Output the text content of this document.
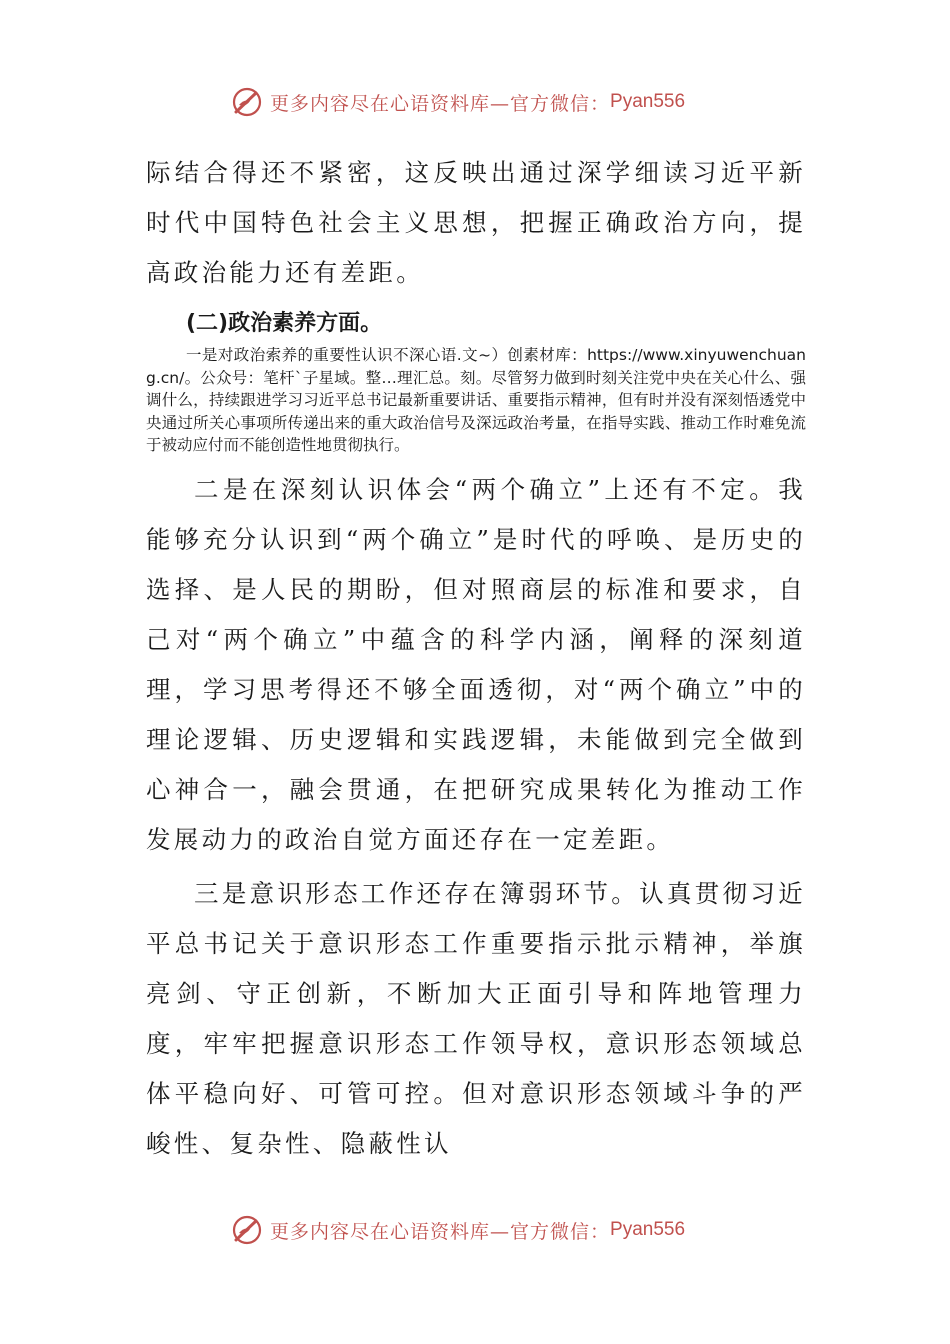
更多内容尽在心语资料库—官方微信： Pyan556

际结合得还不紧密，这反映出通过深学细读习近平新时代中国特色社会主义思想，把握正确政治方向，提高政治能力还有差距。

(二)政治素养方面。

一是对政治索养的重要性认识不深心语.文~）创素材库：https://www.xinyuwenchuang.cn/。公众号：笔杆`子星域。整…理汇总。刻。尽管努力做到时刻关注党中央在关心什么、强调什么，持续跟进学习习近平总书记最新重要讲话、重要指示精神，但有时并没有深刻悟透党中央通过所关心事项所传递出来的重大政治信号及深远政治考量，在指导实践、推动工作时难免流于被动应付而不能创造性地贯彻执行。

二是在深刻认识体会“两个确立”上还有不定。我能够充分认识到“两个确立”是时代的呼唤、是历史的选择、是人民的期盼，但对照商层的标准和要求，自己对“两个确立”中蕴含的科学内涵，阐释的深刻道理，学习思考得还不够全面透彻，对“两个确立”中的理论逻辑、历史逻辑和实践逻辑，未能做到完全做到心神合一，融会贯通，在把研究成果转化为推动工作发展动力的政治自觉方面还存在一定差距。

三是意识形态工作还存在簿弱环节。认真贯彻习近平总书记关于意识形态工作重要指示批示精神，举旗亮剑、守正创新，不断加大正面引导和阵地管理力度，牢牢把握意识形态工作领导权，意识形态领域总体平稳向好、可管可控。但对意识形态领域斗争的严峻性、复杂性、隐蔽性认

更多内容尽在心语资料库—官方微信： Pyan556
